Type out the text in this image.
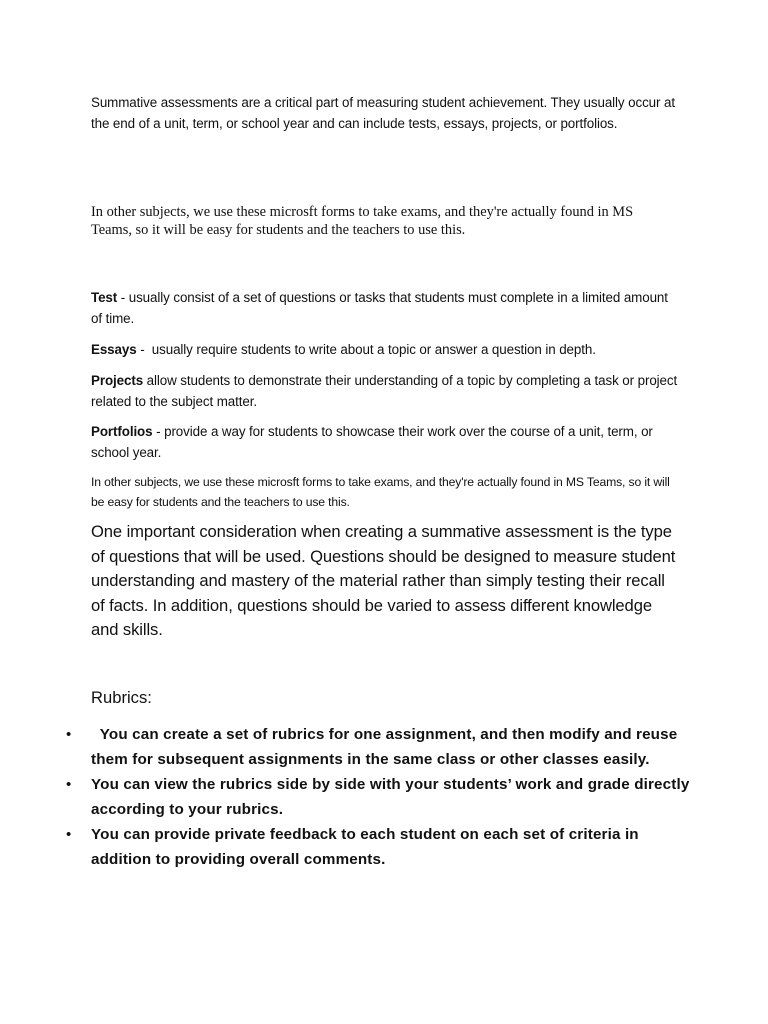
Summative assessments are a critical part of measuring student achievement. They usually occur at the end of a unit, term, or school year and can include tests, essays, projects, or portfolios.

In other subjects, we use these microsft forms to take exams, and they're actually found in MS Teams, so it will be easy for students and the teachers to use this.

Test - usually consist of a set of questions or tasks that students must complete in a limited amount of time.

Essays -  usually require students to write about a topic or answer a question in depth.

Projects allow students to demonstrate their understanding of a topic by completing a task or project related to the subject matter.

Portfolios - provide a way for students to showcase their work over the course of a unit, term, or school year.

In other subjects, we use these microsft forms to take exams, and they're actually found in MS Teams, so it will be easy for students and the teachers to use this.

One important consideration when creating a summative assessment is the type of questions that will be used. Questions should be designed to measure student understanding and mastery of the material rather than simply testing their recall of facts. In addition, questions should be varied to assess different knowledge and skills.

Rubrics:

• You can create a set of rubrics for one assignment, and then modify and reuse them for subsequent assignments in the same class or other classes easily.
• You can view the rubrics side by side with your students’ work and grade directly according to your rubrics.
• You can provide private feedback to each student on each set of criteria in addition to providing overall comments.
